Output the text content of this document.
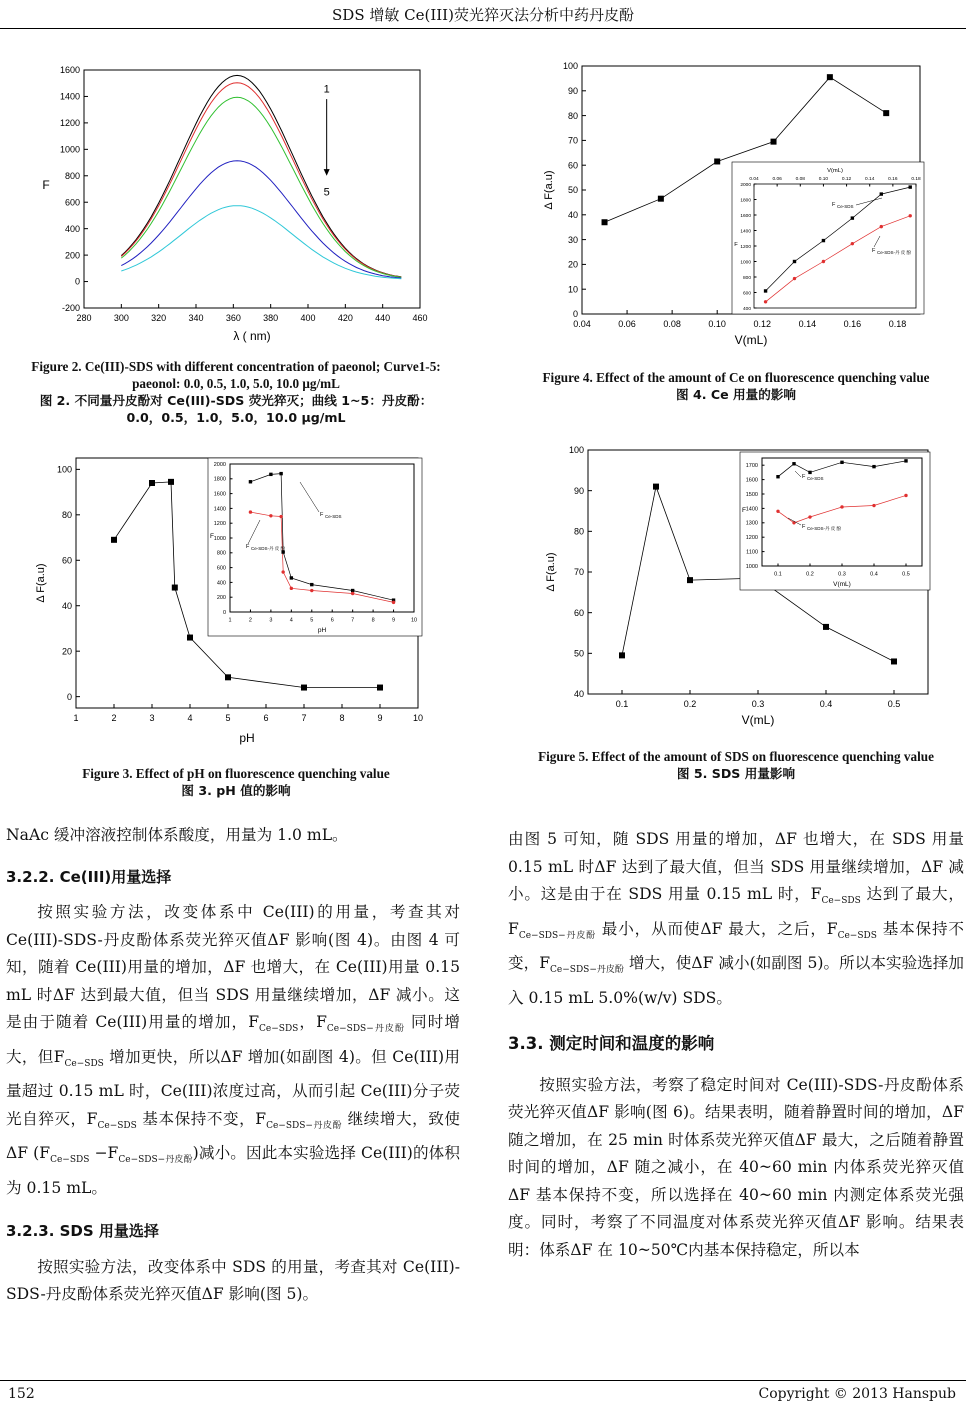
SDS 增敏 Ce(III)荧光猝灭法分析中药丹皮酚
280 300 320 340 360 380 400 420 440 460
-200
0
200
400
600
800
1000
1200
1400
1600
λ ( nm)
F
1
5
Figure 2. Ce(III)-SDS with different concentration of paeonol; Curve1-5: paeonol: 0.0, 0.5, 1.0, 5.0, 10.0 μg/mL
图 2. 不同量丹皮酚对 Ce(III)-SDS 荧光猝灭；曲线 1~5：丹皮酚：
0.0，0.5，1.0，5.0，10.0 μg/mL
1	2	3	4	5	6	7	8	9	10
0
20
40
60
80
100
pH
Δ F(a.u)
1	2	3	4	5	6	7	8	9	10
0
200
400
600
800
1000
1200
1400
1600
1800
2000
pH
F
F Ce-SDS
F Ce-SDS-丹 皮 酚
Figure 3. Effect of pH on fluorescence quenching value
图 3. pH 值的影响
0.04	0.06	0.08	0.10	0.12	0.14	0.16	0.18
0
10
20
30
40
50
60
70
80
90
100
V(mL)
Δ F(a.u)	0.04	0.06	0.08	0.10	0.12	0.14	0.16	0.18
400
600
800
1000
1200
1400
1600
1800
2000
V(mL)
F
F Ce-SDS
F Ce-SDS-丹 皮 酚
Figure 4. Effect of the amount of Ce on fluorescence quenching value
图 4. Ce 用量的影响
0.1	0.2	0.3	0.4	0.5
40
50
60
70
80
90
100
V(mL)
Δ F(a.u)	0.1	0.2	0.3	0.4	0.5
1000
1100
1200
1300
1400
1500
1600
1700
V(mL)
F
F Ce-SDS
F Ce-SDS-丹 皮 酚
Figure 5. Effect of the amount of SDS on fluorescence quenching value
图 5. SDS 用量影响

NaAc 缓冲溶液控制体系酸度，用量为 1.0 mL。

3.2.2. Ce(III)用量选择

按照实验方法，改变体系中 Ce(III)的用量，考查其对 Ce(III)-SDS-丹皮酚体系荧光猝灭值ΔF 影响(图 4)。由图 4 可知，随着 Ce(III)用量的增加，ΔF 也增大，在 Ce(III)用量 0.15 mL 时ΔF 达到最大值，但当 SDS 用量继续增加，ΔF 减小。这是由于随着 Ce(III)用量的增加，$F_{Ce-SDS}$，$F_{Ce-SDS-丹皮酚}$ 同时增大，但$F_{Ce-SDS}$ 增加更快，所以ΔF 增加(如副图 4)。但 Ce(III)用量超过 0.15 mL 时，Ce(III)浓度过高，从而引起 Ce(III)分子荧光自猝灭，$F_{Ce-SDS}$ 基本保持不变，$F_{Ce-SDS-丹皮酚}$ 继续增大，致使ΔF $(F_{Ce-SDS} -F_{Ce-SDS-丹皮酚})$减小。因此本实验选择 Ce(III)的体积为 0.15 mL。

3.2.3. SDS 用量选择

按照实验方法，改变体系中 SDS 的用量，考查其对 Ce(III)-SDS-丹皮酚体系荧光猝灭值ΔF 影响(图 5)。

由图 5 可知，随 SDS 用量的增加，ΔF 也增大，在 SDS 用量 0.15 mL 时ΔF 达到了最大值，但当 SDS 用量继续增加，ΔF 减小。这是由于在 SDS 用量 0.15 mL 时，$F_{Ce-SDS}$ 达到了最大，$F_{Ce-SDS-丹皮酚}$ 最小，从而使ΔF 最大，之后，$F_{Ce-SDS}$ 基本保持不变，$F_{Ce-SDS-丹皮酚}$ 增大，使ΔF 减小(如副图 5)。所以本实验选择加入 0.15 mL 5.0%(w/v) SDS。

3.3. 测定时间和温度的影响

按照实验方法，考察了稳定时间对 Ce(III)-SDS-丹皮酚体系荧光猝灭值ΔF 影响(图 6)。结果表明，随着静置时间的增加，ΔF 随之增加，在 25 min 时体系荧光猝灭值ΔF 最大，之后随着静置时间的增加，ΔF 随之减小，在 40~60 min 内体系荧光猝灭值ΔF 基本保持不变，所以选择在 40~60 min 内测定体系荧光强度。同时，考察了不同温度对体系荧光猝灭值ΔF 影响。结果表明：体系ΔF 在 10~50℃内基本保持稳定，所以本

152	Copyright © 2013 Hanspub
